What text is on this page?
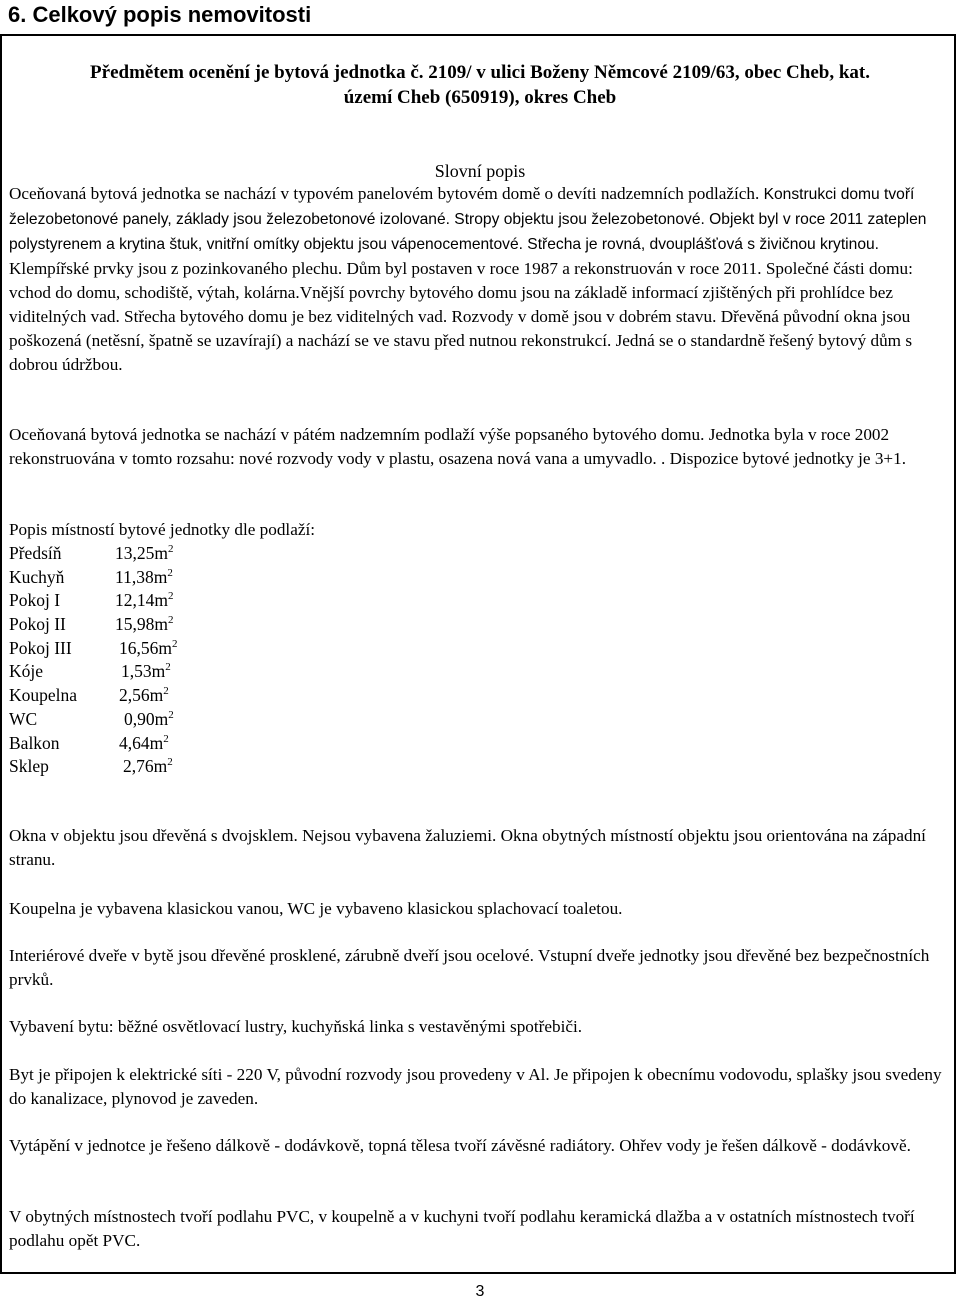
6. Celkový popis nemovitosti
Předmětem ocenění je bytová jednotka č. 2109/ v ulici Boženy Němcové 2109/63, obec Cheb, kat.
území Cheb (650919), okres Cheb
Slovní popis
Oceňovaná bytová jednotka se nachází v typovém panelovém bytovém domě o devíti nadzemních podlažích. Konstrukci domu tvoří železobetonové panely, základy jsou železobetonové izolované. Stropy objektu jsou železobetonové. Objekt byl v roce 2011 zateplen polystyrenem a krytina štuk, vnitřní omítky objektu jsou vápenocementové. Střecha je rovná, dvouplášťová s živičnou krytinou. Klempířské prvky jsou z pozinkovaného plechu. Dům byl postaven v roce 1987 a rekonstruován v roce 2011. Společné části domu: vchod do domu, schodiště, výtah, kolárna.Vnější povrchy bytového domu jsou na základě informací zjištěných při prohlídce bez viditelných vad. Střecha bytového domu je bez viditelných vad. Rozvody v domě jsou v dobrém stavu. Dřevěná původní okna jsou poškozená (netěsní, špatně se uzavírají) a nachází se ve stavu před nutnou rekonstrukcí. Jedná se o standardně řešený bytový dům s dobrou údržbou.
Oceňovaná bytová jednotka se nachází v pátém nadzemním podlaží výše popsaného bytového domu. Jednotka byla v roce 2002 rekonstruována v tomto rozsahu: nové rozvody vody v plastu, osazena nová vana a umyvadlo. . Dispozice bytové jednotky je 3+1.
Popis místností bytové jednotky dle podlaží:
Předsíň	$13,25m^2$
Kuchyň	$11,38m^2$
Pokoj I	$12,14m^2$
Pokoj II	$15,98m^2$
Pokoj III	$16,56m^2$
Kóje	$1,53m^2$
Koupelna	$2,56m^2$
WC	$0,90m^2$
Balkon	$4,64m^2$
Sklep	$2,76m^2$
Okna v objektu jsou dřevěná s dvojsklem. Nejsou vybavena žaluziemi. Okna obytných místností objektu jsou orientována na západní stranu.
Koupelna je vybavena klasickou vanou, WC je vybaveno klasickou splachovací toaletou.
Interiérové dveře v bytě jsou dřevěné prosklené, zárubně dveří jsou ocelové. Vstupní dveře jednotky jsou dřevěné bez bezpečnostních prvků.
Vybavení bytu: běžné osvětlovací lustry, kuchyňská linka s vestavěnými spotřebiči.
Byt je připojen k elektrické síti - 220 V, původní rozvody jsou provedeny v Al. Je připojen k obecnímu vodovodu, splašky jsou svedeny do kanalizace, plynovod je zaveden.
Vytápění v jednotce je řešeno dálkově - dodávkově, topná tělesa tvoří závěsné radiátory. Ohřev vody je řešen dálkově - dodávkově.
V obytných místnostech tvoří podlahu PVC, v koupelně a v kuchyni tvoří podlahu keramická dlažba a v ostatních místnostech tvoří podlahu opět PVC.
3
